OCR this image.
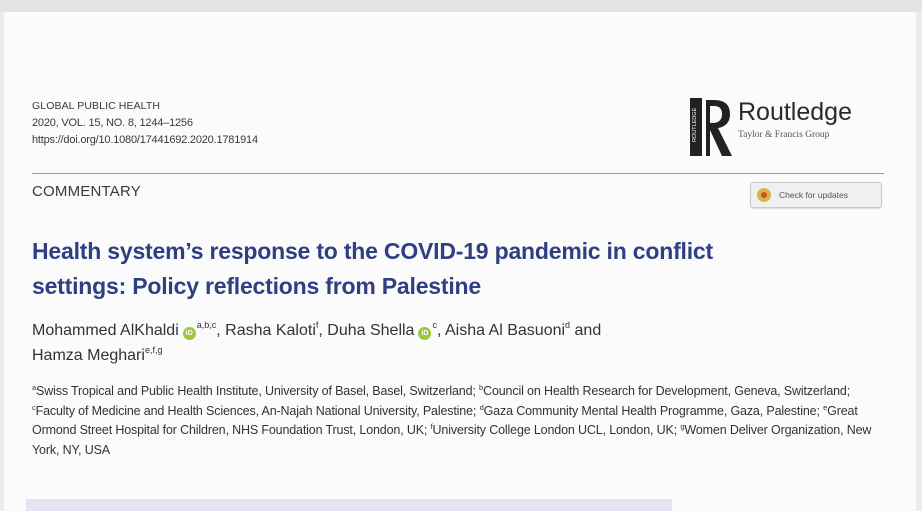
GLOBAL PUBLIC HEALTH
2020, VOL. 15, NO. 8, 1244–1256
https://doi.org/10.1080/17441692.2020.1781914	ROUTLEDGE Routledge
Taylor & Francis Group
COMMENTARY	Check for updates
Health system’s response to the COVID-19 pandemic in conflict
settings: Policy reflections from Palestine
Mohammed AlKhaldi iD$^{a,b,c}$, Rasha Kaloti$^f$, Duha Shella $iD^c$, Aisha Al Basuoni$^d$ and
Hamza Meghari$^{e,f,g}$
$^a$Swiss Tropical and Public Health Institute, University of Basel, Basel, Switzerland; $^b$Council on Health Research for Development, Geneva, Switzerland; $^c$Faculty of Medicine and Health Sciences, An-Najah National University, Palestine; $^d$Gaza Community Mental Health Programme, Gaza, Palestine; $^e$Great Ormond Street Hospital for Children, NHS Foundation Trust, London, UK; $^f$University College London UCL, London, UK; $^g$Women Deliver Organization, New York, NY, USA
